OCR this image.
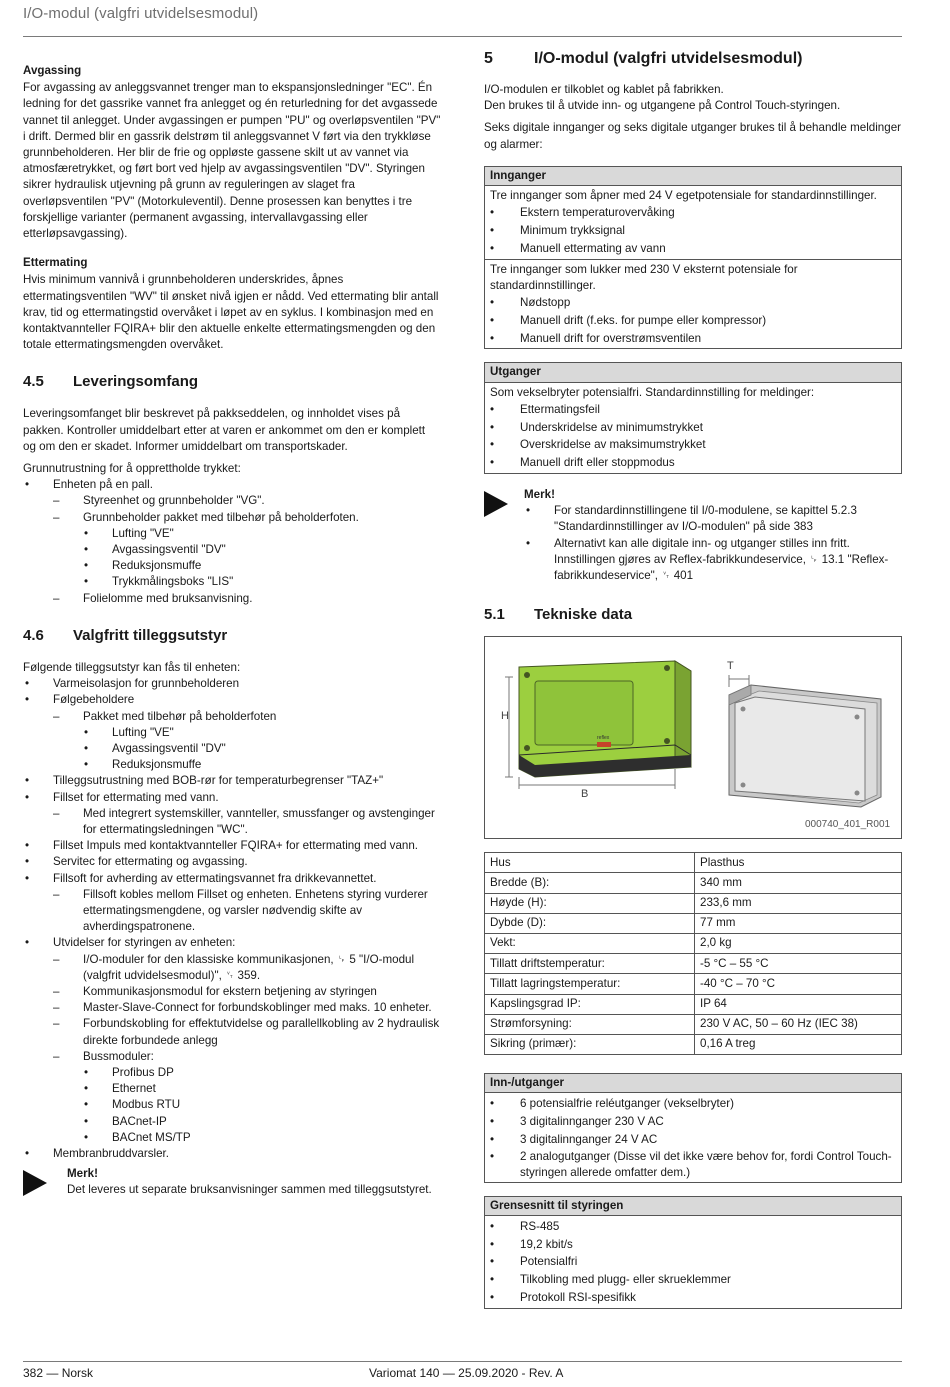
I/O-modul (valgfri utvidelsesmodul)

Avgassing

For avgassing av anleggsvannet trenger man to ekspansjonsledninger "EC". Én ledning for det gassrike vannet fra anlegget og én returledning for det avgassede vannet til anlegget. Under avgassingen er pumpen "PU" og overløpsventilen "PV" i drift. Dermed blir en gassrik delstrøm til anleggsvannet V ført via den trykkløse grunnbeholderen. Her blir de frie og oppløste gassene skilt ut av vannet via atmosfæretrykket, og ført bort ved hjelp av avgassingsventilen "DV". Styringen sikrer hydraulisk utjevning på grunn av reguleringen av slaget fra overløpsventilen "PV" (Motorkuleventil). Denne prosessen kan benyttes i tre forskjellige varianter (permanent avgassing, intervallavgassing eller etterløpsavgassing).

Ettermating

Hvis minimum vannivå i grunnbeholderen underskrides, åpnes ettermatingsventilen "WV" til ønsket nivå igjen er nådd. Ved ettermating blir antall krav, tid og ettermatingstid overvåket i løpet av en syklus. I kombinasjon med en kontaktvannteller FQIRA+ blir den aktuelle enkelte ettermatingsmengden og den totale ettermatingsmengden overvåket.

4.5	Leveringsomfang

Leveringsomfanget blir beskrevet på pakkseddelen, og innholdet vises på pakken. Kontroller umiddelbart etter at varen er ankommet om den er komplett og om den er skadet. Informer umiddelbart om transportskader.

Grunnutrustning for å opprettholde trykket:

• Enheten på en pall.
– Styreenhet og grunnbeholder "VG".
– Grunnbeholder pakket med tilbehør på beholderfoten.
• Lufting "VE"
• Avgassingsventil "DV"
• Reduksjonsmuffe
• Trykkmålingsboks "LIS"
– Folielomme med bruksanvisning.
4.6	Valgfritt tilleggsutstyr

Følgende tilleggsutstyr kan fås til enheten:

• Varmeisolasjon for grunnbeholderen
• Følgebeholdere
– Pakket med tilbehør på beholderfoten
• Lufting "VE"
• Avgassingsventil "DV"
• Reduksjonsmuffe
• Tilleggsutrustning med BOB-rør for temperaturbegrenser "TAZ+"
• Fillset for ettermating med vann.
– Med integrert systemskiller, vannteller, smussfanger og avstenginger for ettermatingsledningen "WC".
• Fillset Impuls med kontaktvannteller FQIRA+ for ettermating med vann.
• Servitec for ettermating og avgassing.
• Fillsoft for avherding av ettermatingsvannet fra drikkevannettet.
– Fillsoft kobles mellom Fillset og enheten. Enhetens styring vurderer ettermatingsmengdene, og varsler nødvendig skifte av avherdingspatronene.
• Utvidelser for styringen av enheten:
– I/O-moduler for den klassiske kommunikasjonen, ␊ 5 "I/O-modul (valgfrit udvidelsesmodul)", ␋ 359.
– Kommunikasjonsmodul for ekstern betjening av styringen
– Master-Slave-Connect for forbundskoblinger med maks. 10 enheter.
– Forbundskobling for effektutvidelse og parallellkobling av 2 hydraulisk direkte forbundede anlegg
– Bussmoduler:
• Profibus DP
• Ethernet
• Modbus RTU
• BACnet-IP
• BACnet MS/TP
• Membranbruddvarsler.

Merk!

Det leveres ut separate bruksanvisninger sammen med tilleggsutstyret.

5	I/O-modul (valgfri utvidelsesmodul)

I/O-modulen er tilkoblet og kablet på fabrikken.

Den brukes til å utvide inn- og utgangene på Control Touch-styringen.

Seks digitale innganger og seks digitale utganger brukes til å behandle meldinger og alarmer:

Innganger

Tre innganger som åpner med 24 V egetpotensiale for standardinnstillinger.

• Ekstern temperaturovervåking
• Minimum trykksignal
• Manuell ettermating av vann

Tre innganger som lukker med 230 V eksternt potensiale for standardinnstillinger.

• Nødstopp
• Manuell drift (f.eks. for pumpe eller kompressor)
• Manuell drift for overstrømsventilen
Utganger

Som vekselbryter potensialfri. Standardinnstilling for meldinger:

• Ettermatingsfeil
• Underskridelse av minimumstrykket
• Overskridelse av maksimumstrykket
• Manuell drift eller stoppmodus

Merk!

• For standardinnstillingene til I/0-modulene, se kapittel 5.2.3 "Standardinnstillinger av I/O-modulen" på side 383
• Alternativt kan alle digitale inn- og utganger stilles inn fritt. Innstillingen gjøres av Reflex-fabrikkundeservice, ␊ 13.1 "Reflex-fabrikkundeservice", ␋ 401
5.1	Tekniske data
H
reflex
B
T
000740_401_R001
Hus	Plasthus
Bredde (B):	340 mm
Høyde (H):	233,6 mm
Dybde (D):	77 mm
Vekt:	2,0 kg
Tillatt driftstemperatur:	-5 °C – 55 °C
Tillatt lagringstemperatur:	-40 °C – 70 °C
Kapslingsgrad IP:	IP 64
Strømforsyning:	230 V AC, 50 – 60 Hz (IEC 38)
Sikring (primær):	0,16 A treg
Inn-/utganger
• 6 potensialfrie reléutganger (vekselbryter)
• 3 digitalinnganger 230 V AC
• 3 digitalinnganger 24 V AC
• 2 analogutganger (Disse vil det ikke være behov for, fordi Control Touch-styringen allerede omfatter dem.)
Grensesnitt til styringen
• RS-485
• 19,2 kbit/s
• Potensialfri
• Tilkobling med plugg- eller skrueklemmer
• Protokoll RSI-spesifikk
382 — Norsk	Variomat 140 — 25.09.2020 - Rev. A
